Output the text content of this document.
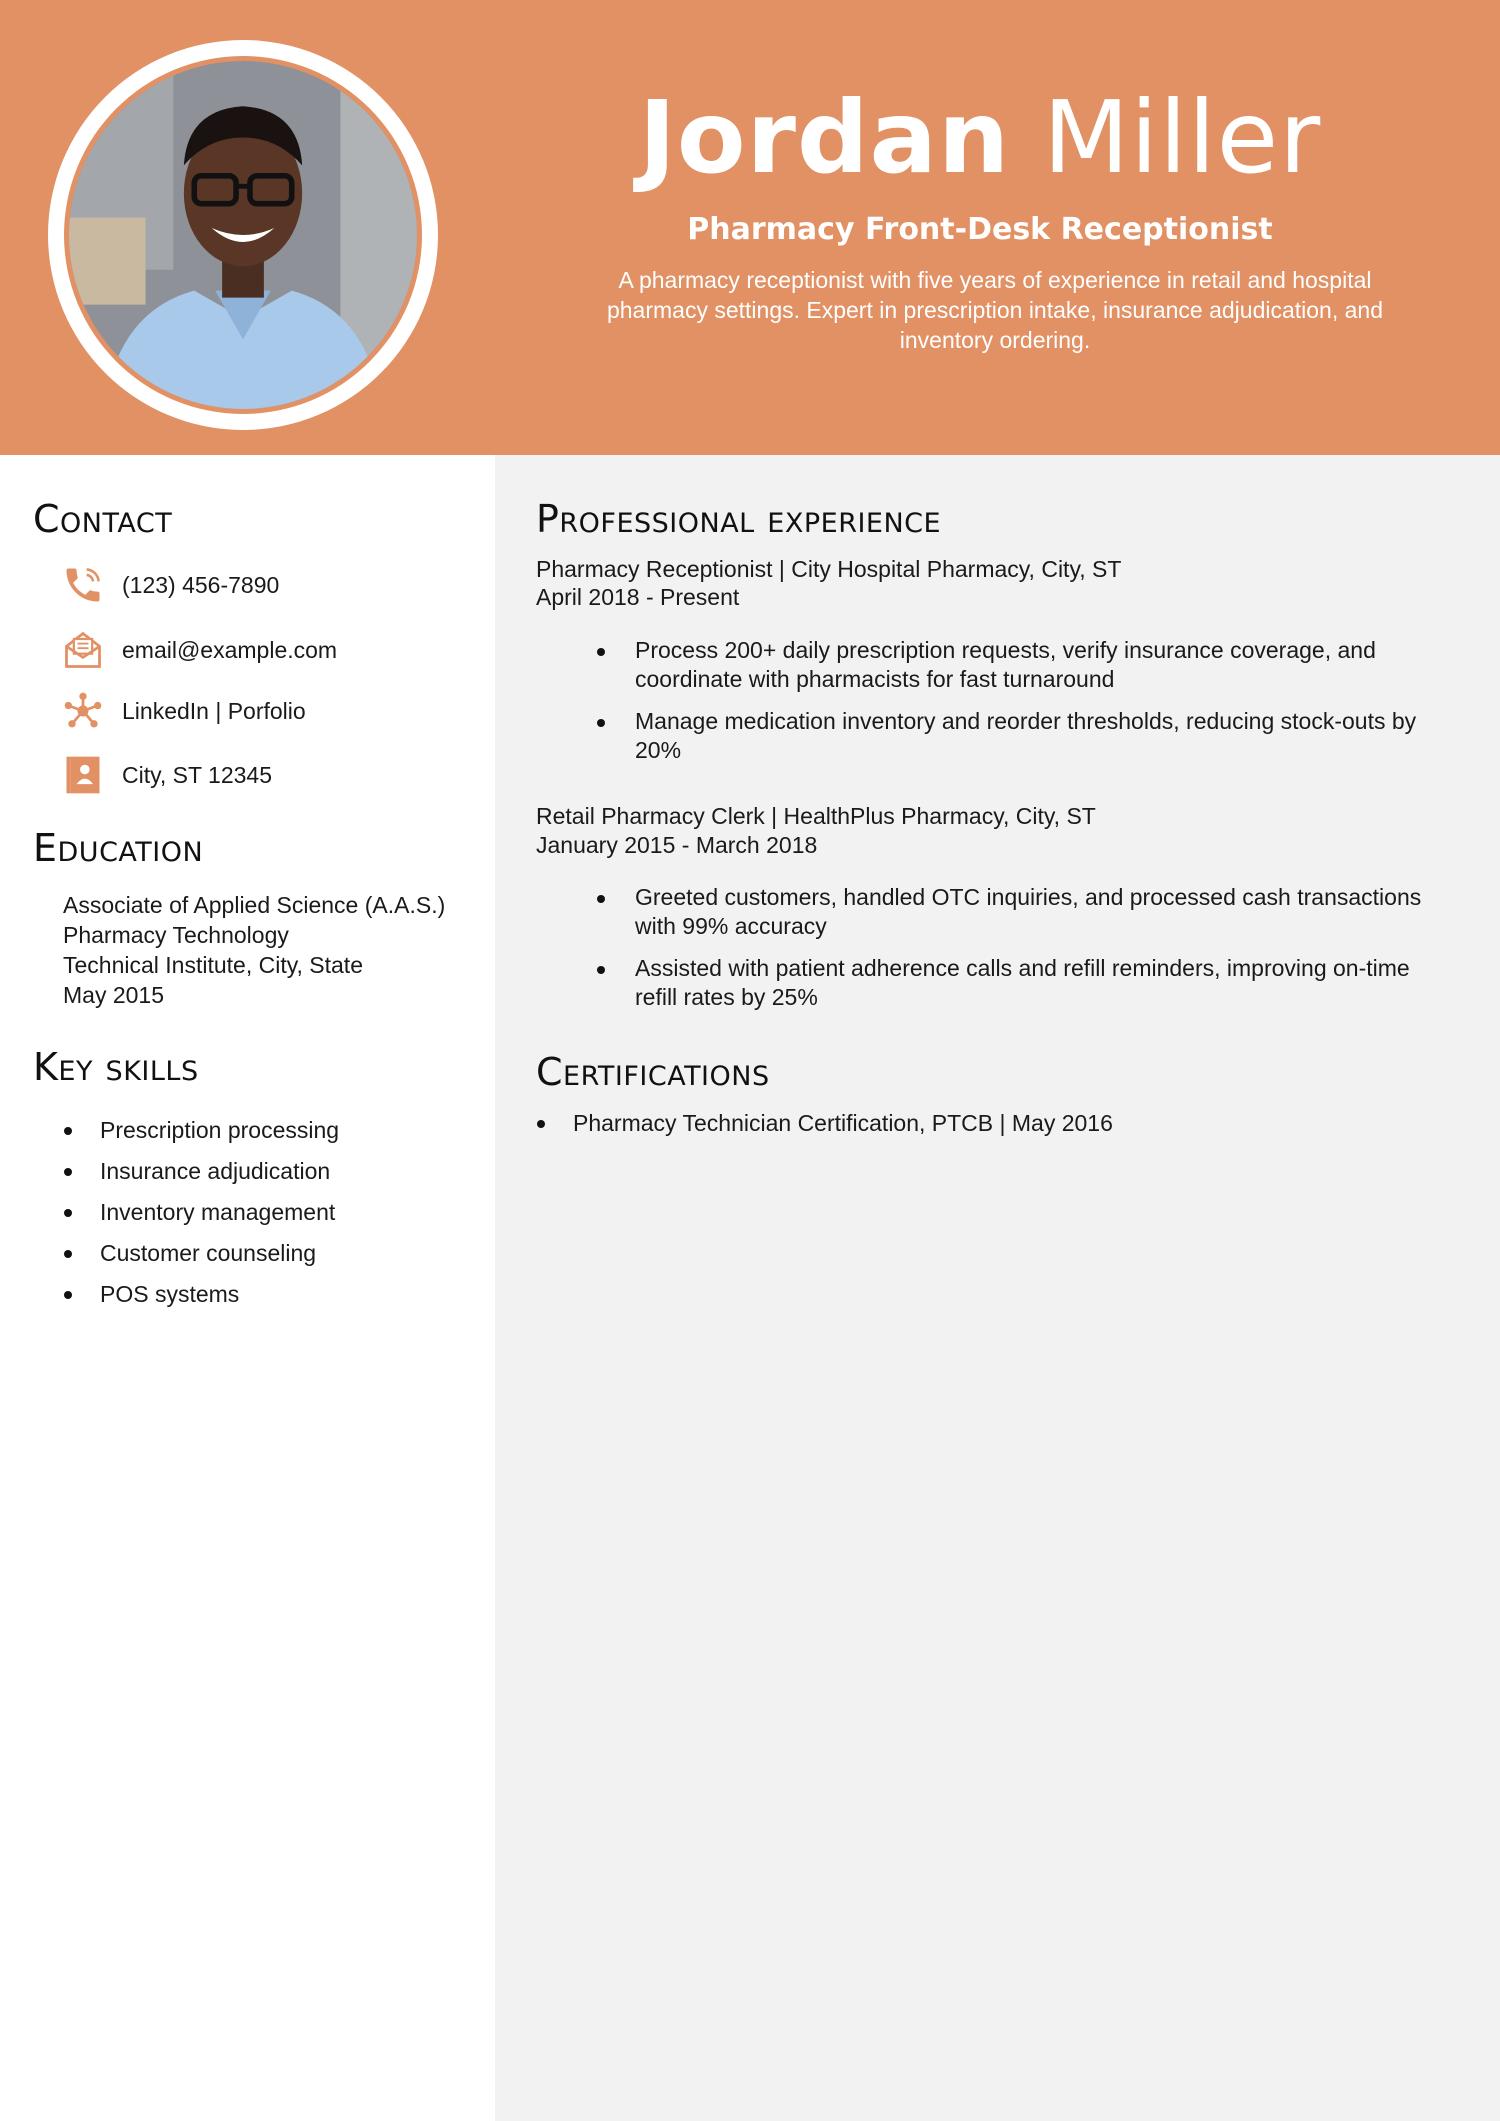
Jordan Miller
Pharmacy Front-Desk Receptionist
A pharmacy receptionist with five years of experience in retail and hospital pharmacy settings. Expert in prescription intake, insurance adjudication, and inventory ordering.
Contact
(123) 456-7890
email@example.com
LinkedIn | Porfolio
City, ST 12345
Education
Associate of Applied Science (A.A.S.)
Pharmacy Technology
Technical Institute, City, State
May 2015
Key skills
Prescription processing
Insurance adjudication
Inventory management
Customer counseling
POS systems
Professional experience
Pharmacy Receptionist | City Hospital Pharmacy, City, ST
April 2018 - Present
Process 200+ daily prescription requests, verify insurance coverage, and coordinate with pharmacists for fast turnaround
Manage medication inventory and reorder thresholds, reducing stock-outs by 20%
Retail Pharmacy Clerk | HealthPlus Pharmacy, City, ST
January 2015 - March 2018
Greeted customers, handled OTC inquiries, and processed cash transactions with 99% accuracy
Assisted with patient adherence calls and refill reminders, improving on-time refill rates by 25%
Certifications
Pharmacy Technician Certification, PTCB | May 2016
